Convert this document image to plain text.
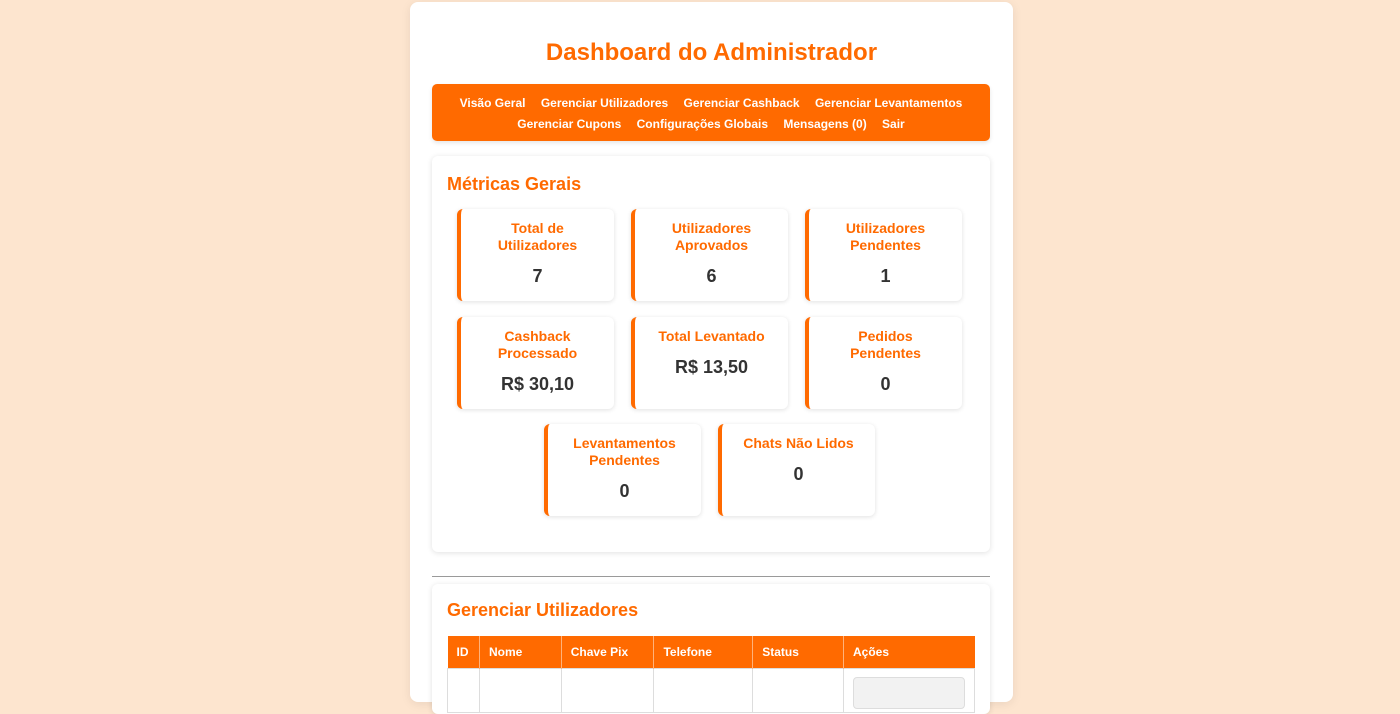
Dashboard do Administrador
Visão Geral Gerenciar Utilizadores Gerenciar Cashback Gerenciar Levantamentos
Gerenciar Cupons Configurações Globais Mensagens (0) Sair
Métricas Gerais
Total de
Utilizadores
7
Utilizadores
Aprovados
6
Utilizadores
Pendentes
1
Cashback
Processado
R$ 30,10
Total Levantado
R$ 13,50
Pedidos
Pendentes
0
Levantamentos
Pendentes
0
Chats Não Lidos
0
Gerenciar Utilizadores
ID	Nome	Chave Pix	Telefone	Status	Ações
